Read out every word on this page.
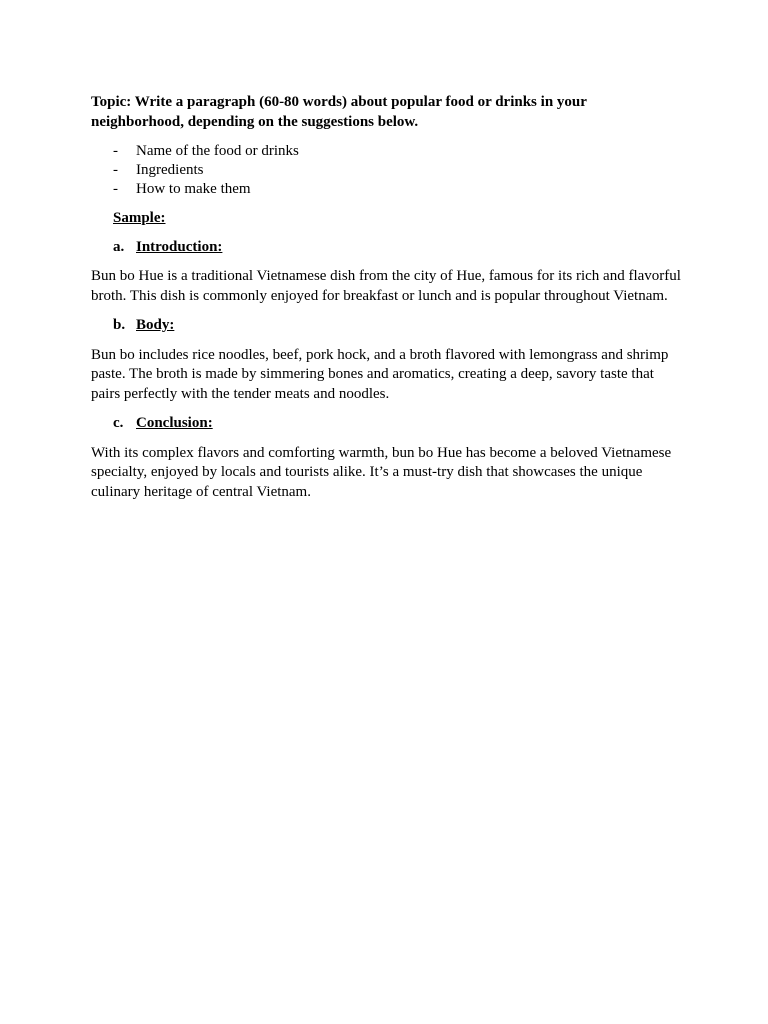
Topic: Write a paragraph (60-80 words) about popular food or drinks in your neighborhood, depending on the suggestions below.

- Name of the food or drinks
- Ingredients
- How to make them

Sample:

a. Introduction:

Bun bo Hue is a traditional Vietnamese dish from the city of Hue, famous for its rich and flavorful broth. This dish is commonly enjoyed for breakfast or lunch and is popular throughout Vietnam.

b. Body:

Bun bo includes rice noodles, beef, pork hock, and a broth flavored with lemongrass and shrimp paste. The broth is made by simmering bones and aromatics, creating a deep, savory taste that pairs perfectly with the tender meats and noodles.

c. Conclusion:

With its complex flavors and comforting warmth, bun bo Hue has become a beloved Vietnamese specialty, enjoyed by locals and tourists alike. It’s a must-try dish that showcases the unique culinary heritage of central Vietnam.
